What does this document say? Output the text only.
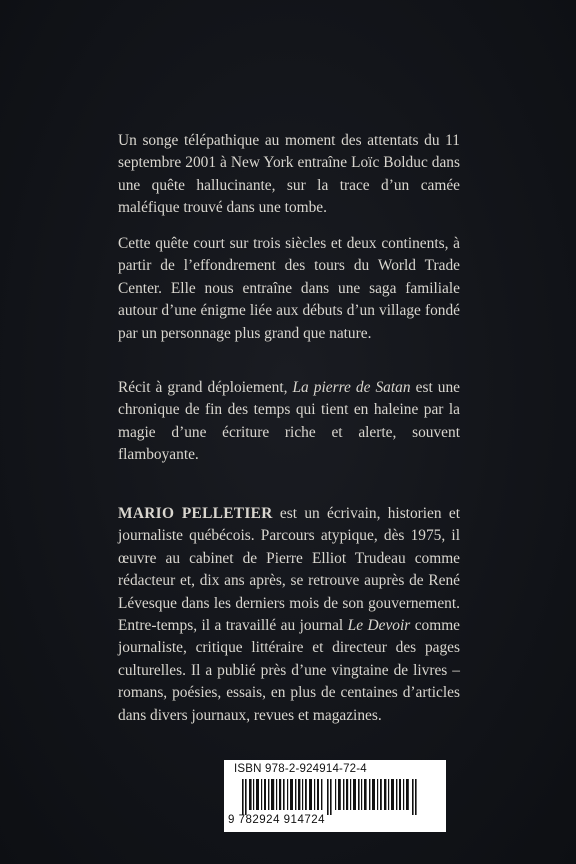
Un songe télépathique au moment des attentats du 11 septembre 2001 à New York entraîne Loïc Bolduc dans une quête hallucinante, sur la trace d’un camée maléfique trouvé dans une tombe.

Cette quête court sur trois siècles et deux continents, à partir de l’effondrement des tours du World Trade Center. Elle nous entraîne dans une saga familiale autour d’une énigme liée aux débuts d’un village fondé par un personnage plus grand que nature.

Récit à grand déploiement, La pierre de Satan est une chronique de fin des temps qui tient en haleine par la magie d’une écriture riche et alerte, souvent flamboyante.

MARIO PELLETIER est un écrivain, historien et journaliste québécois. Parcours atypique, dès 1975, il œuvre au cabinet de Pierre Elliot Trudeau comme rédacteur et, dix ans après, se retrouve auprès de René Lévesque dans les derniers mois de son gouvernement. Entre-temps, il a travaillé au journal Le Devoir comme journaliste, critique littéraire et directeur des pages culturelles. Il a publié près d’une vingtaine de livres – romans, poésies, essais, en plus de centaines d’articles dans divers journaux, revues et magazines.

ISBN 978-2-924914-72-4
9 782924 914724
